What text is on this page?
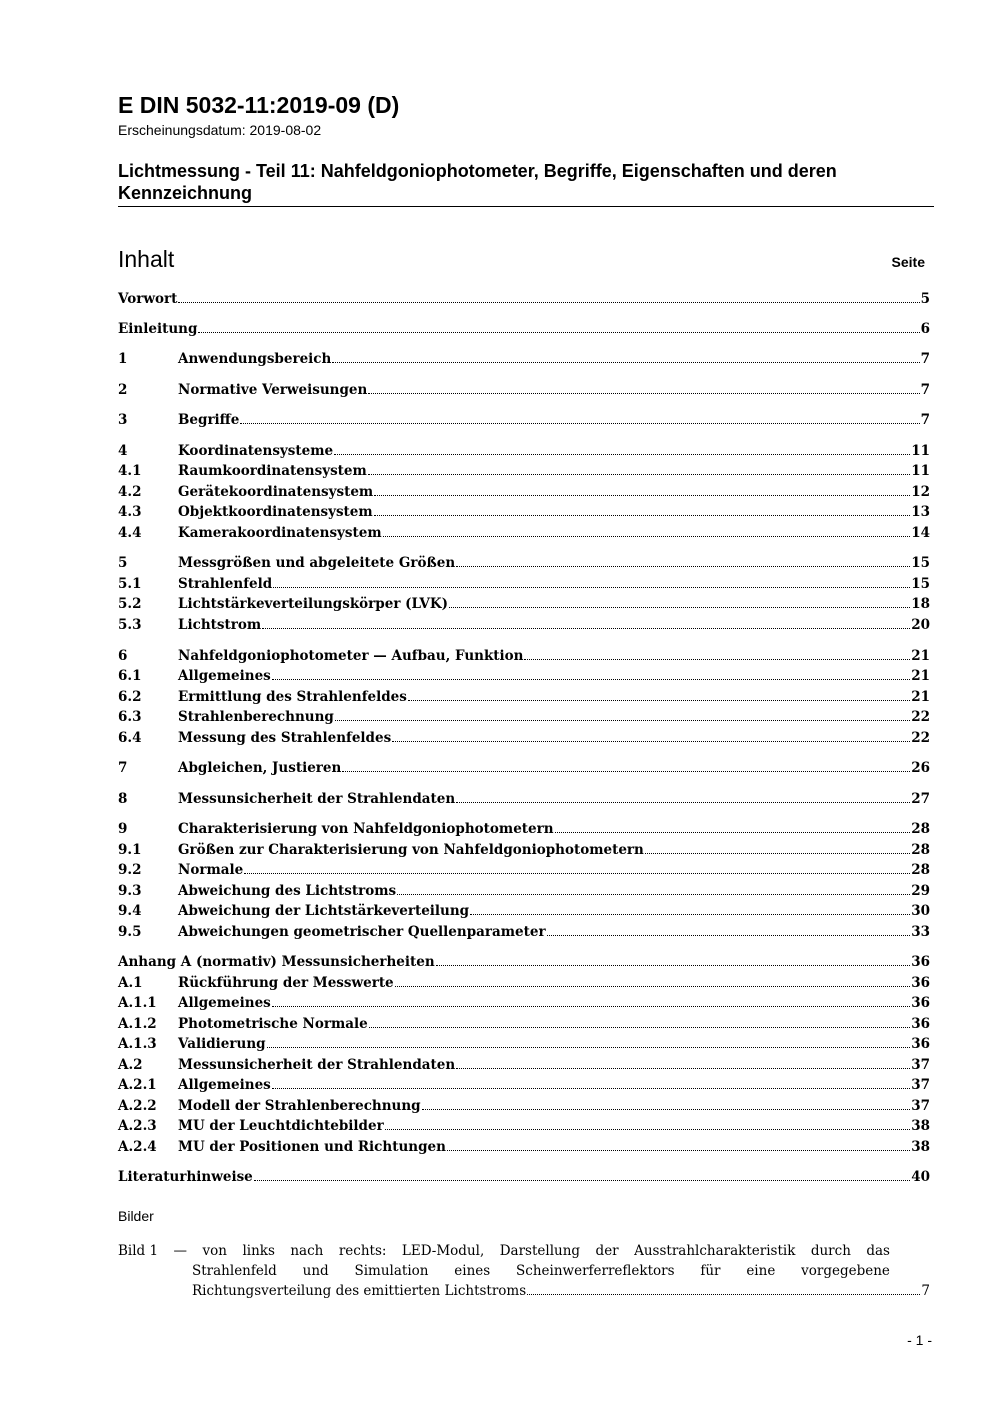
E DIN 5032-11:2019-09 (D)
Erscheinungsdatum: 2019-08-02
Lichtmessung - Teil 11: Nahfeldgoniophotometer, Begriffe, Eigenschaften und deren Kennzeichnung
Inhalt	Seite
Vorwort	5
Einleitung	6
1	Anwendungsbereich	7
2	Normative Verweisungen	7
3	Begriffe	7
4	Koordinatensysteme	11
4.1	Raumkoordinatensystem	11
4.2	Gerätekoordinatensystem	12
4.3	Objektkoordinatensystem	13
4.4	Kamerakoordinatensystem	14
5	Messgrößen und abgeleitete Größen	15
5.1	Strahlenfeld	15
5.2	Lichtstärkeverteilungskörper (LVK)	18
5.3	Lichtstrom	20
6	Nahfeldgoniophotometer — Aufbau, Funktion	21
6.1	Allgemeines	21
6.2	Ermittlung des Strahlenfeldes	21
6.3	Strahlenberechnung	22
6.4	Messung des Strahlenfeldes	22
7	Abgleichen, Justieren	26
8	Messunsicherheit der Strahlendaten	27
9	Charakterisierung von Nahfeldgoniophotometern	28
9.1	Größen zur Charakterisierung von Nahfeldgoniophotometern	28
9.2	Normale	28
9.3	Abweichung des Lichtstroms	29
9.4	Abweichung der Lichtstärkeverteilung	30
9.5	Abweichungen geometrischer Quellenparameter	33
Anhang A (normativ) Messunsicherheiten	36
A.1	Rückführung der Messwerte	36
A.1.1	Allgemeines	36
A.1.2	Photometrische Normale	36
A.1.3	Validierung	36
A.2	Messunsicherheit der Strahlendaten	37
A.2.1	Allgemeines	37
A.2.2	Modell der Strahlenberechnung	37
A.2.3	MU der Leuchtdichtebilder	38
A.2.4	MU der Positionen und Richtungen	38
Literaturhinweise	40
Bilder
Bild 1 — von links nach rechts: LED-Modul, Darstellung der Ausstrahlcharakteristik durch das
Strahlenfeld und Simulation eines Scheinwerferreflektors für eine vorgegebene
Richtungsverteilung des emittierten Lichtstroms	7
- 1 -
